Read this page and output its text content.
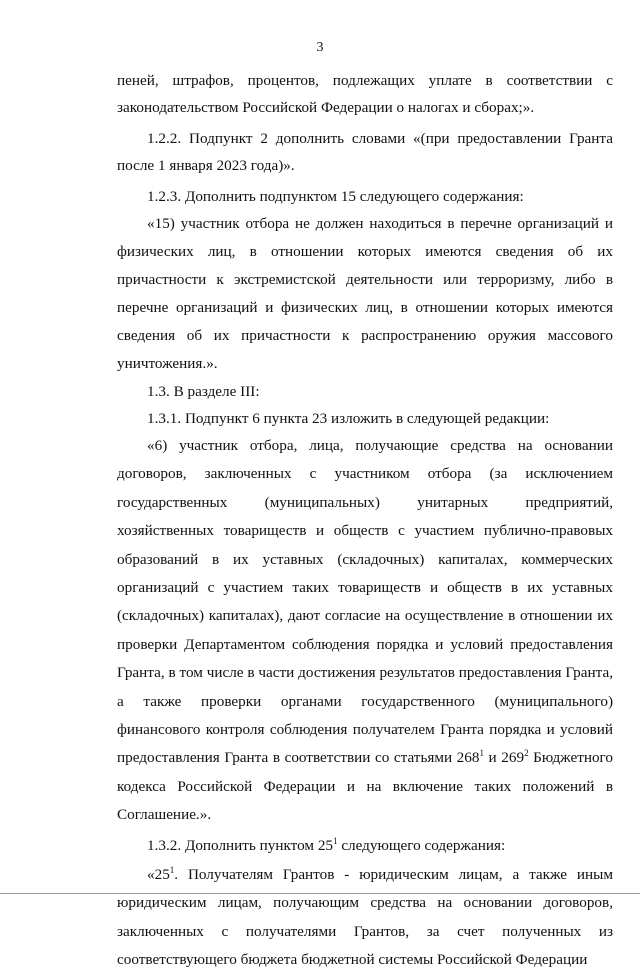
3

пеней, штрафов, процентов, подлежащих уплате в соответствии с законодательством Российской Федерации о налогах и сборах;».

1.2.2. Подпункт 2 дополнить словами «(при предоставлении Гранта после 1 января 2023 года)».

1.2.3. Дополнить подпунктом 15 следующего содержания:

«15) участник отбора не должен находиться в перечне организаций и физических лиц, в отношении которых имеются сведения об их причастности к экстремистской деятельности или терроризму, либо в перечне организаций и физических лиц, в отношении которых имеются сведения об их причастности к распространению оружия массового уничтожения.».

1.3. В разделе III:

1.3.1. Подпункт 6 пункта 23 изложить в следующей редакции:

«6) участник отбора, лица, получающие средства на основании договоров, заключенных с участником отбора (за исключением государственных (муниципальных) унитарных предприятий, хозяйственных товариществ и обществ с участием публично-правовых образований в их уставных (складочных) капиталах, коммерческих организаций с участием таких товариществ и обществ в их уставных (складочных) капиталах), дают согласие на осуществление в отношении их проверки Департаментом соблюдения порядка и условий предоставления Гранта, в том числе в части достижения результатов предоставления Гранта, а также проверки органами государственного (муниципального) финансового контроля соблюдения получателем Гранта порядка и условий предоставления Гранта в соответствии со статьями $268^1$ и $269^2$ Бюджетного кодекса Российской Федерации и на включение таких положений в Соглашение.».

1.3.2. Дополнить пунктом $25^1$ следующего содержания:

«$25^1$. Получателям Грантов - юридическим лицам, а также иным юридическим лицам, получающим средства на основании договоров, заключенных с получателями Грантов, за счет полученных из соответствующего бюджета бюджетной системы Российской Федерации
